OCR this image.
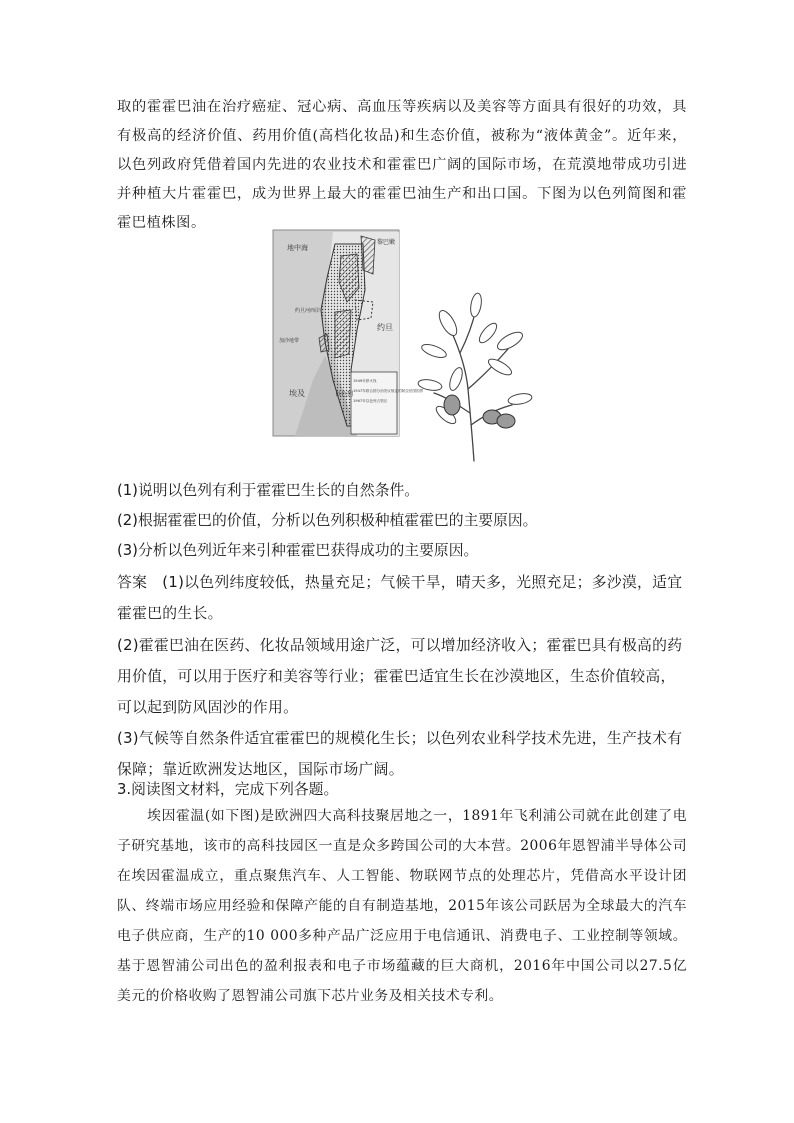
取的霍霍巴油在治疗癌症、冠心病、高血压等疾病以及美容等方面具有很好的功效，具有极高的经济价值、药用价值(高档化妆品)和生态价值，被称为“液体黄金”。近年来，以色列政府凭借着国内先进的农业技术和霍霍巴广阔的国际市场，在荒漠地带成功引进并种植大片霍霍巴，成为世界上最大的霍霍巴油生产和出口国。下图为以色列简图和霍霍巴植株图。

地中海
黎巴嫩
约旦河西岸
加沙地带
约旦
埃及	以色列
1949年停火线
1947年联合国分治决议规定的阿拉伯国国界
1967年以色列占领区
(1)说明以色列有利于霍霍巴生长的自然条件。
(2)根据霍霍巴的价值，分析以色列积极种植霍霍巴的主要原因。
(3)分析以色列近年来引种霍霍巴获得成功的主要原因。
答案　(1)以色列纬度较低，热量充足；气候干旱，晴天多，光照充足；多沙漠，适宜霍霍巴的生长。
(2)霍霍巴油在医药、化妆品领域用途广泛，可以增加经济收入；霍霍巴具有极高的药用价值，可以用于医疗和美容等行业；霍霍巴适宜生长在沙漠地区，生态价值较高，可以起到防风固沙的作用。
(3)气候等自然条件适宜霍霍巴的规模化生长；以色列农业科学技术先进，生产技术有保障；靠近欧洲发达地区，国际市场广阔。
3.阅读图文材料，完成下列各题。

埃因霍温(如下图)是欧洲四大高科技聚居地之一，1891年飞利浦公司就在此创建了电子研究基地，该市的高科技园区一直是众多跨国公司的大本营。2006年恩智浦半导体公司在埃因霍温成立，重点聚焦汽车、人工智能、物联网节点的处理芯片，凭借高水平设计团队、终端市场应用经验和保障产能的自有制造基地，2015年该公司跃居为全球最大的汽车电子供应商，生产的10 000多种产品广泛应用于电信通讯、消费电子、工业控制等领域。基于恩智浦公司出色的盈利报表和电子市场蕴藏的巨大商机，2016年中国公司以27.5亿美元的价格收购了恩智浦公司旗下芯片业务及相关技术专利。
